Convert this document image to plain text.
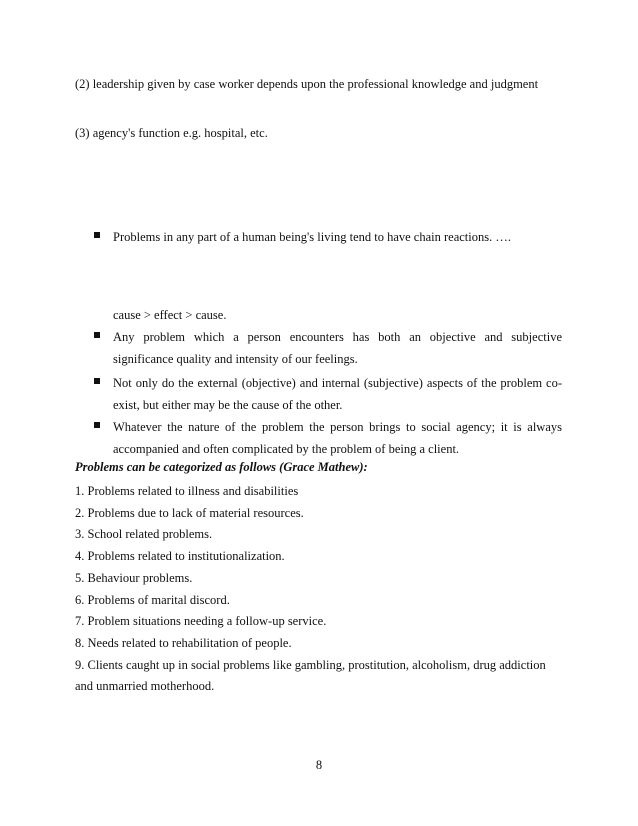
(2) leadership given by case worker depends upon the professional knowledge and judgment
(3) agency's function e.g. hospital, etc.
Problems in any part of a human being's living tend to have chain reactions. ….
cause > effect > cause.
Any problem which a person encounters has both an objective and subjective significance quality and intensity of our feelings.
Not only do the external (objective) and internal (subjective) aspects of the problem co-exist, but either may be the cause of the other.
Whatever the nature of the problem the person brings to social agency; it is always accompanied and often complicated by the problem of being a client.
Problems can be categorized as follows (Grace Mathew):
1. Problems related to illness and disabilities
2. Problems due to lack of material resources.
3. School related problems.
4. Problems related to institutionalization.
5. Behaviour problems.
6. Problems of marital discord.
7. Problem situations needing a follow-up service.
8. Needs related to rehabilitation of people.
9. Clients caught up in social problems like gambling, prostitution, alcoholism, drug addiction and unmarried motherhood.
8
